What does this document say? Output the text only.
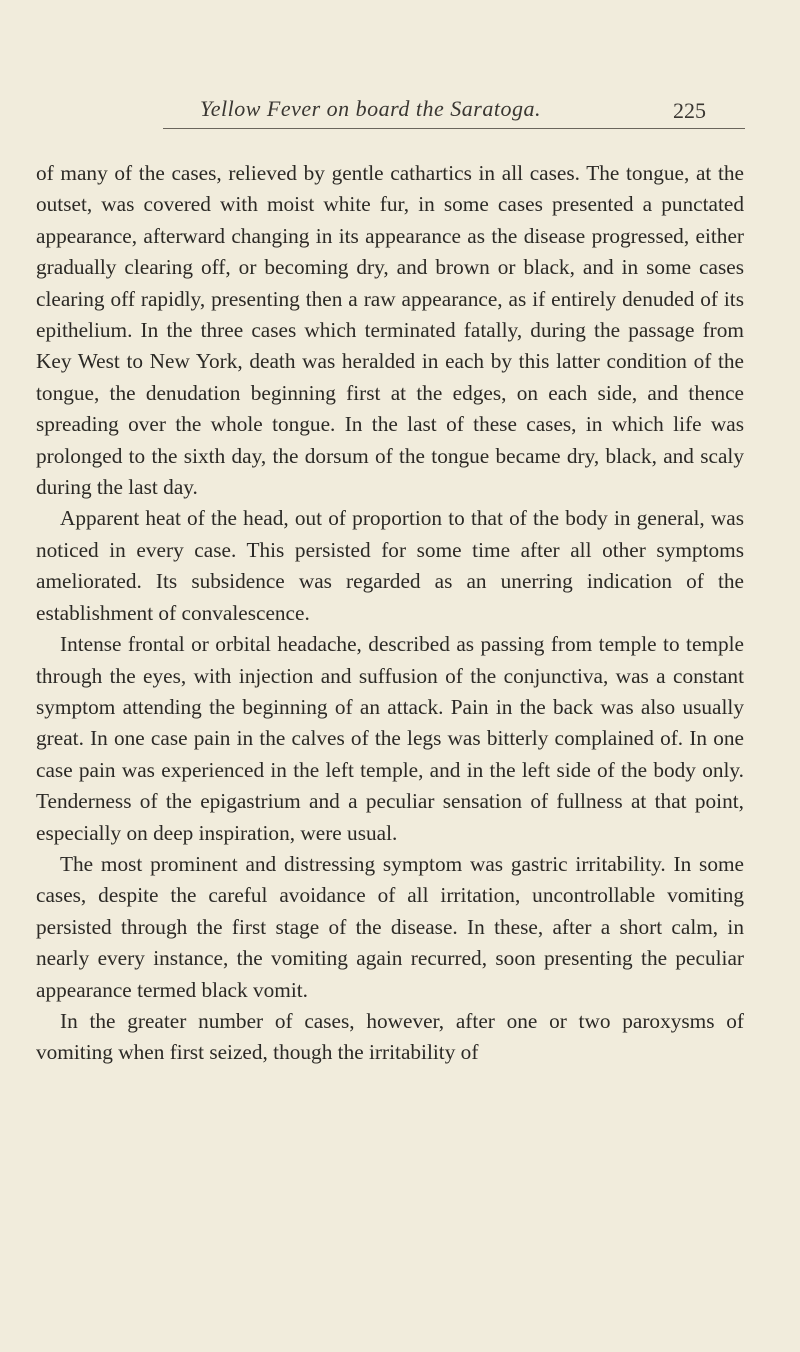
Yellow Fever on board the Saratoga.	225

of many of the cases, relieved by gentle cathartics in all cases. The tongue, at the outset, was covered with moist white fur, in some cases presented a punctated appearance, afterward changing in its appearance as the disease progressed, either gradually clearing off, or becoming dry, and brown or black, and in some cases clearing off rapidly, presenting then a raw appearance, as if entirely denuded of its epithelium. In the three cases which terminated fatally, during the passage from Key West to New York, death was heralded in each by this latter condition of the tongue, the denudation beginning first at the edges, on each side, and thence spreading over the whole tongue. In the last of these cases, in which life was prolonged to the sixth day, the dorsum of the tongue became dry, black, and scaly during the last day.

Apparent heat of the head, out of proportion to that of the body in general, was noticed in every case. This persisted for some time after all other symptoms ameliorated. Its subsidence was regarded as an unerring indication of the establishment of convalescence.

Intense frontal or orbital headache, described as passing from temple to temple through the eyes, with injection and suffusion of the conjunctiva, was a constant symptom attending the beginning of an attack. Pain in the back was also usually great. In one case pain in the calves of the legs was bitterly complained of. In one case pain was experienced in the left temple, and in the left side of the body only. Tenderness of the epigastrium and a peculiar sensation of fullness at that point, especially on deep inspiration, were usual.

The most prominent and distressing symptom was gastric irritability. In some cases, despite the careful avoidance of all irritation, uncontrollable vomiting persisted through the first stage of the disease. In these, after a short calm, in nearly every instance, the vomiting again recurred, soon presenting the peculiar appearance termed black vomit.

In the greater number of cases, however, after one or two paroxysms of vomiting when first seized, though the irritability of
